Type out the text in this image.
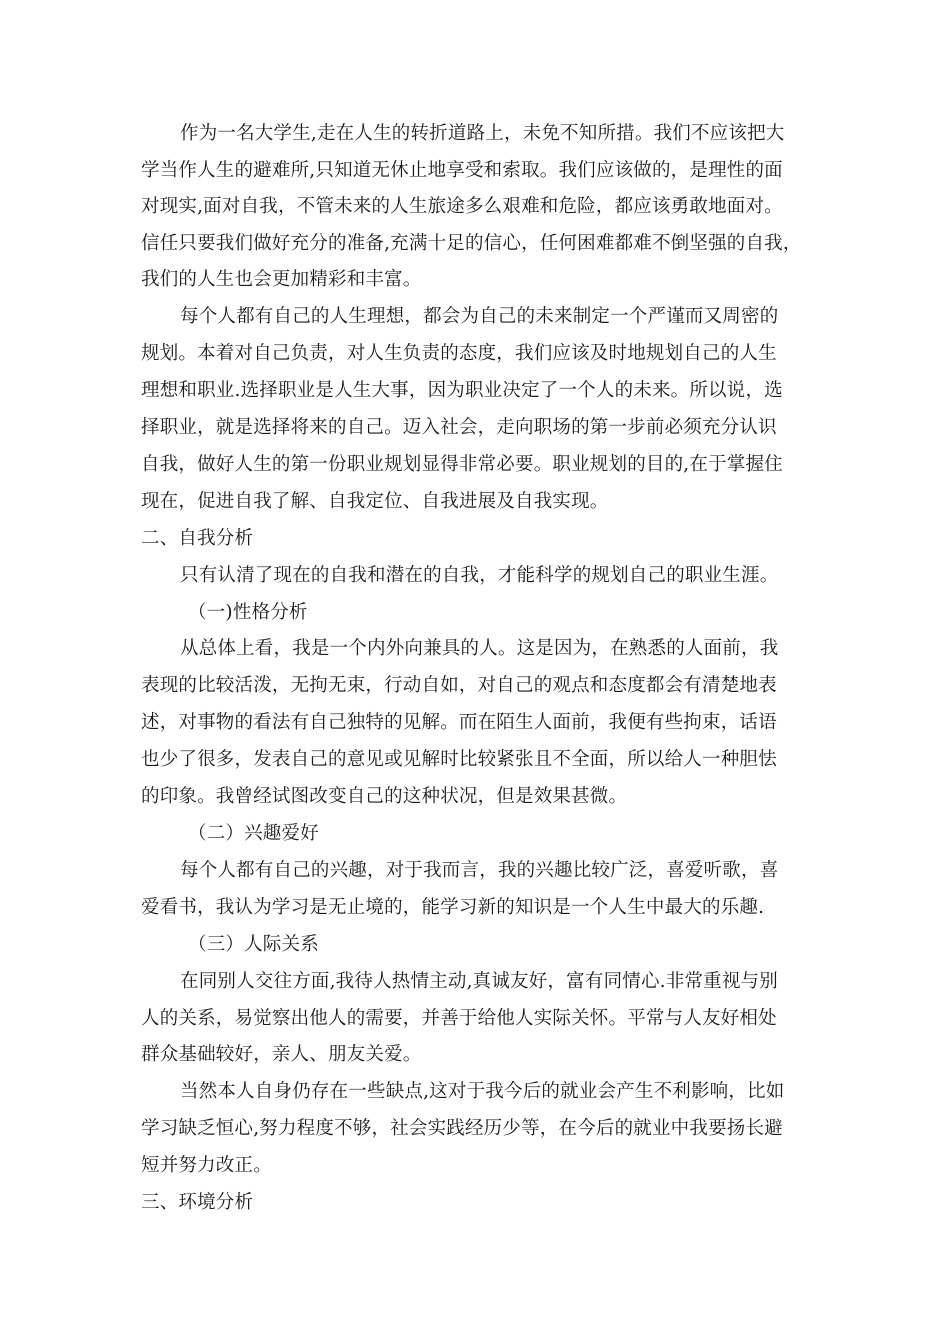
作为一名大学生,走在人生的转折道路上，未免不知所措。我们不应该把大
学当作人生的避难所,只知道无休止地享受和索取。我们应该做的，是理性的面
对现实,面对自我，不管未来的人生旅途多么艰难和危险，都应该勇敢地面对。
信任只要我们做好充分的准备,充满十足的信心，任何困难都难不倒坚强的自我，
我们的人生也会更加精彩和丰富。
每个人都有自己的人生理想，都会为自己的未来制定一个严谨而又周密的
规划。本着对自己负责，对人生负责的态度，我们应该及时地规划自己的人生
理想和职业.选择职业是人生大事，因为职业决定了一个人的未来。所以说，选
择职业，就是选择将来的自己。迈入社会，走向职场的第一步前必须充分认识
自我，做好人生的第一份职业规划显得非常必要。职业规划的目的,在于掌握住
现在，促进自我了解、自我定位、自我进展及自我实现。
二、自我分析
只有认清了现在的自我和潜在的自我，才能科学的规划自己的职业生涯。
（一)性格分析
从总体上看，我是一个内外向兼具的人。这是因为，在熟悉的人面前，我
表现的比较活泼，无拘无束，行动自如，对自己的观点和态度都会有清楚地表
述，对事物的看法有自己独特的见解。而在陌生人面前，我便有些拘束，话语
也少了很多，发表自己的意见或见解时比较紧张且不全面，所以给人一种胆怯
的印象。我曾经试图改变自己的这种状况，但是效果甚微。
（二）兴趣爱好
每个人都有自己的兴趣，对于我而言，我的兴趣比较广泛，喜爱听歌，喜
爱看书，我认为学习是无止境的，能学习新的知识是一个人生中最大的乐趣.
（三）人际关系
在同别人交往方面,我待人热情主动,真诚友好，富有同情心.非常重视与别
人的关系，易觉察出他人的需要，并善于给他人实际关怀。平常与人友好相处
群众基础较好，亲人、朋友关爱。
当然本人自身仍存在一些缺点,这对于我今后的就业会产生不利影响，比如
学习缺乏恒心,努力程度不够，社会实践经历少等，在今后的就业中我要扬长避
短并努力改正。
三、环境分析
